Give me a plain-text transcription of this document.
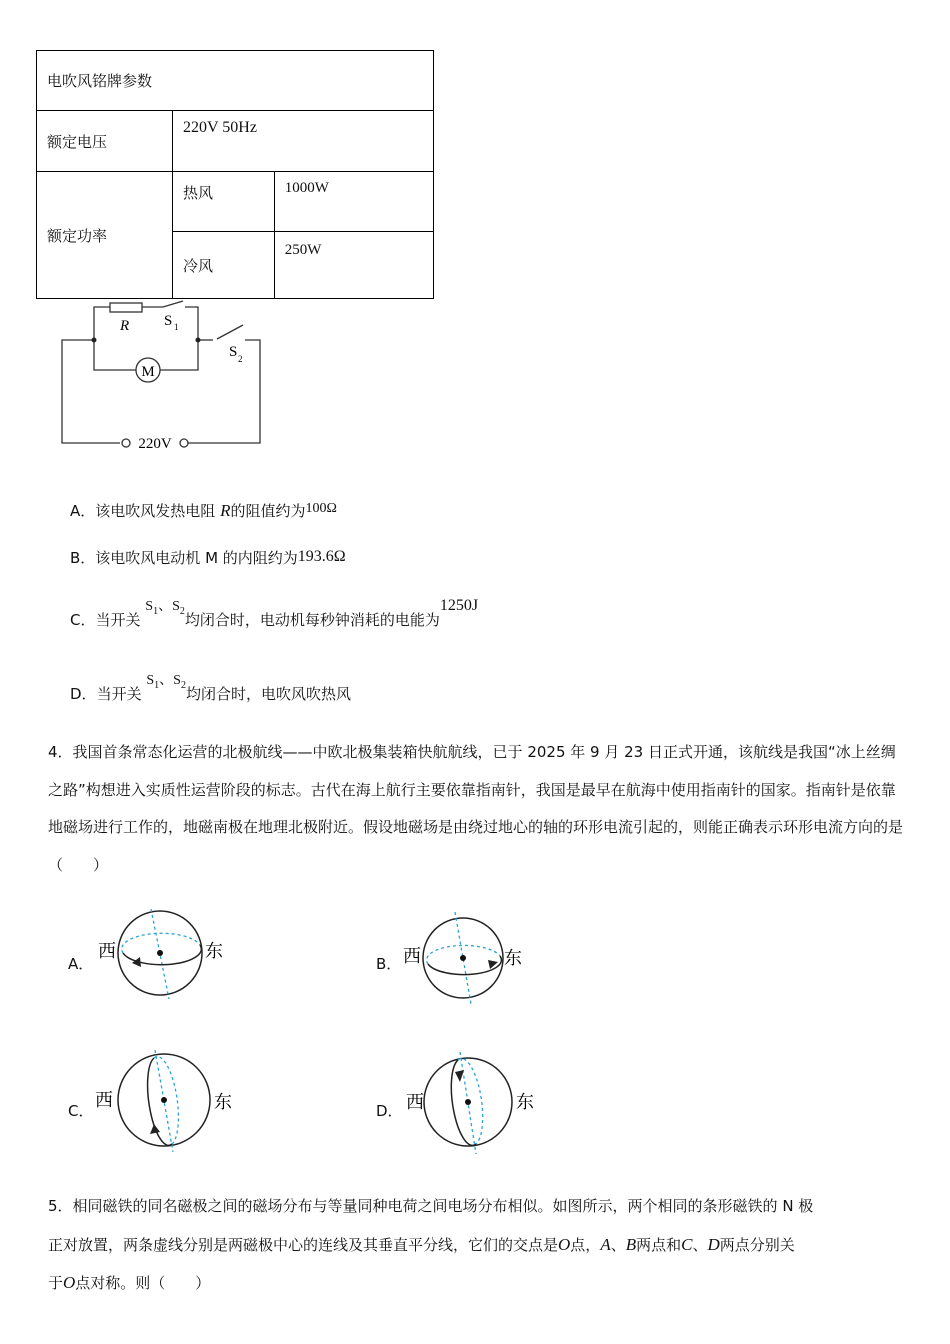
电吹风铭牌参数		
额定电压	220V 50Hz	
额定功率	热风	1000W
	冷风	250W
M
R S 1
S 2
220V
A．该电吹风发热电阻 R的阻值约为100Ω
B．该电吹风电动机 M 的内阻约为193.6Ω
C．当开关 $S_1$、$S_2$均闭合时，电动机每秒钟消耗的电能为1250J
D．当开关 $S_1$、$S_2$均闭合时，电吹风吹热风
4．我国首条常态化运营的北极航线——中欧北极集装箱快航航线，已于 2025 年 9 月 23 日正式开通，该航线是我国“冰上丝绸之路”构想进入实质性运营阶段的标志。古代在海上航行主要依靠指南针，我国是最早在航海中使用指南针的国家。指南针是依靠地磁场进行工作的，地磁南极在地理北极附近。假设地磁场是由绕过地心的轴的环形电流引起的，则能正确表示环形电流方向的是（　　）
A．
西	东
B． 西	东
C．
西	东	D． 西	东
5．相同磁铁的同名磁极之间的磁场分布与等量同种电荷之间电场分布相似。如图所示，两个相同的条形磁铁的 N 极
正对放置，两条虚线分别是两磁极中心的连线及其垂直平分线，它们的交点是O点，A、B两点和C、D两点分别关
于O点对称。则（　　）
